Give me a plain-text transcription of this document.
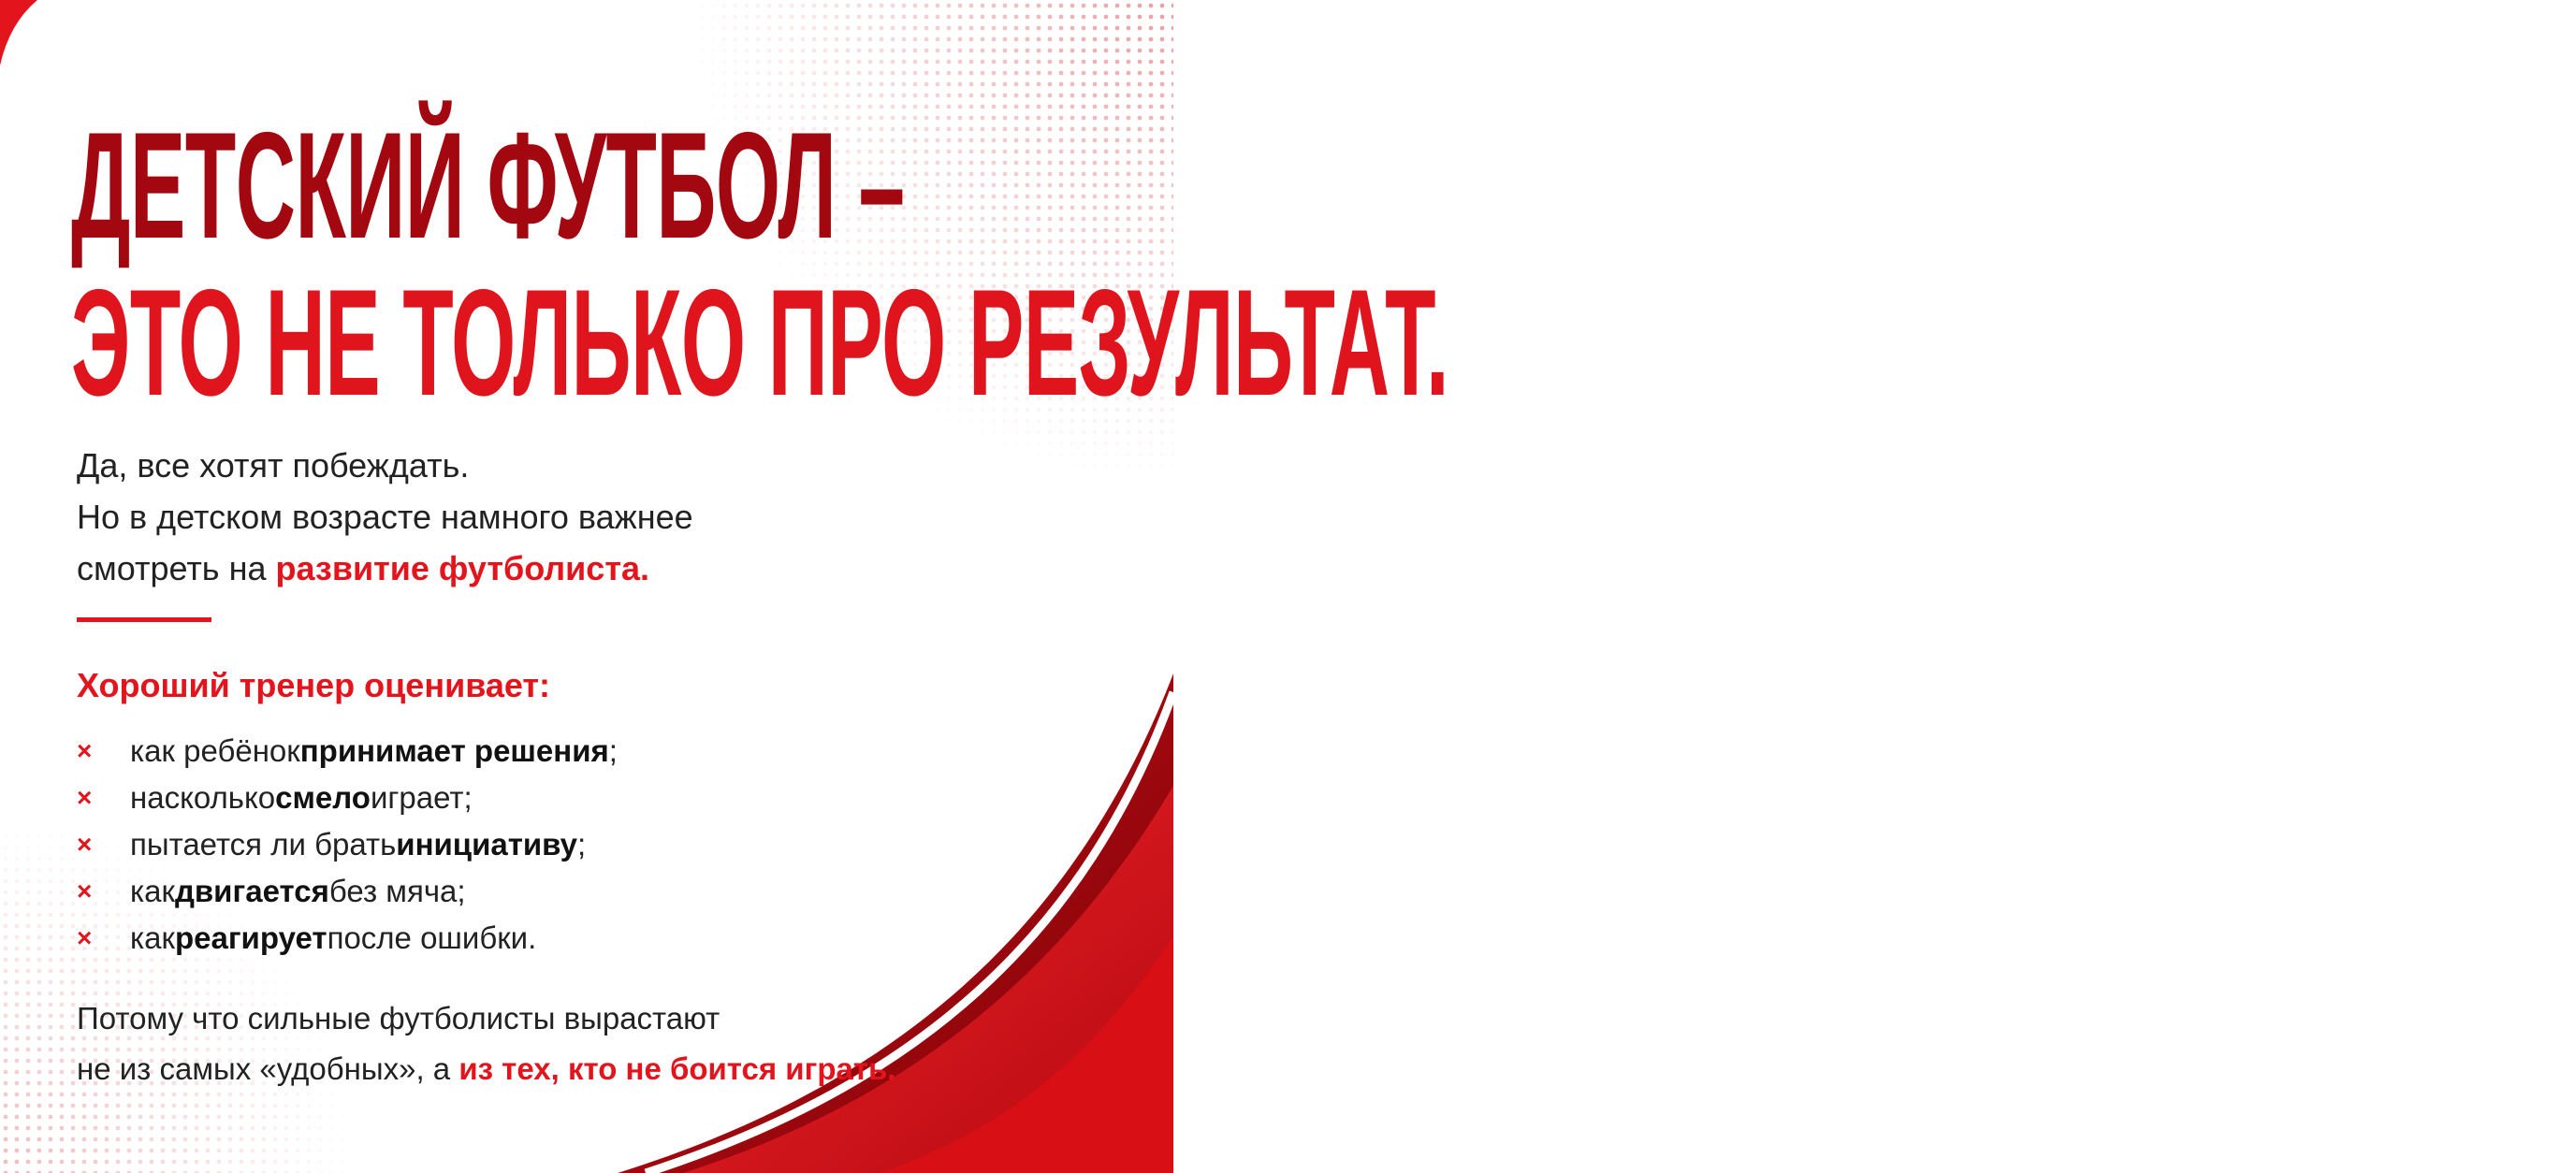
ДЕТСКИЙ ФУТБОЛ –
ЭТО НЕ ТОЛЬКО ПРО РЕЗУЛЬТАТ.

Да, все хотят побеждать.

Но в детском возрасте намного важнее

смотреть на развитие футболиста.

Хороший тренер оценивает:
×	как ребёнок принимает решения ;
×	насколько смело играет;
×	пытается ли брать инициативу ;
×	как двигается без мяча;
×	как реагирует после ошибки.

Потому что сильные футболисты вырастают

не из самых «удобных», а из тех, кто не боится играть.
